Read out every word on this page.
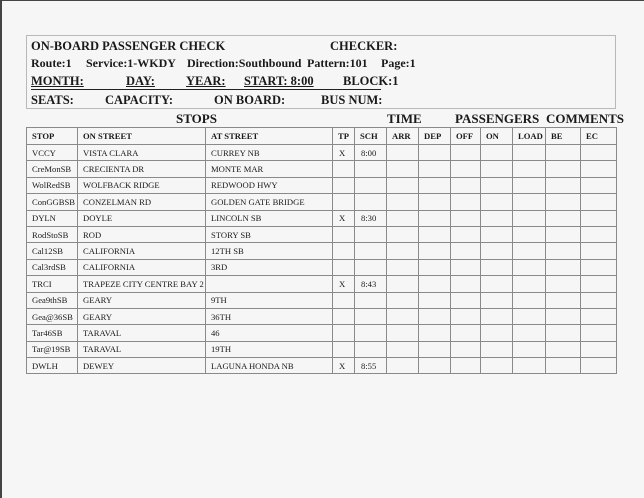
ON-BOARD PASSENGER CHECK	CHECKER:
Route:1 Service:1-WKDY Direction:Southbound Pattern:101 Page:1
MONTH:	DAY: YEAR: START: 8:00 BLOCK:1
SEATS: CAPACITY:	ON BOARD:	BUS NUM:
STOPS	TIME	PASSENGERS COMMENTS
STOP	ON STREET	AT STREET	TP	SCH	ARR	DEP	OFF	ON	LOAD	BE	EC
VCCY	VISTA CLARA	CURREY NB	X	8:00							
CreMonSB	CRECIENTA DR	MONTE MAR									
WolRedSB	WOLFBACK RIDGE	REDWOOD HWY									
ConGGBSB	CONZELMAN RD	GOLDEN GATE BRIDGE									
DYLN	DOYLE	LINCOLN SB	X	8:30							
RodStoSB	ROD	STORY SB									
Cal12SB	CALIFORNIA	12TH SB									
Cal3rdSB	CALIFORNIA	3RD									
TRCI	TRAPEZE CITY CENTRE BAY 2		X	8:43							
Gea9thSB	GEARY	9TH									
Gea@36SB	GEARY	36TH									
Tar46SB	TARAVAL	46									
Tar@19SB	TARAVAL	19TH									
DWLH	DEWEY	LAGUNA HONDA NB	X	8:55							
